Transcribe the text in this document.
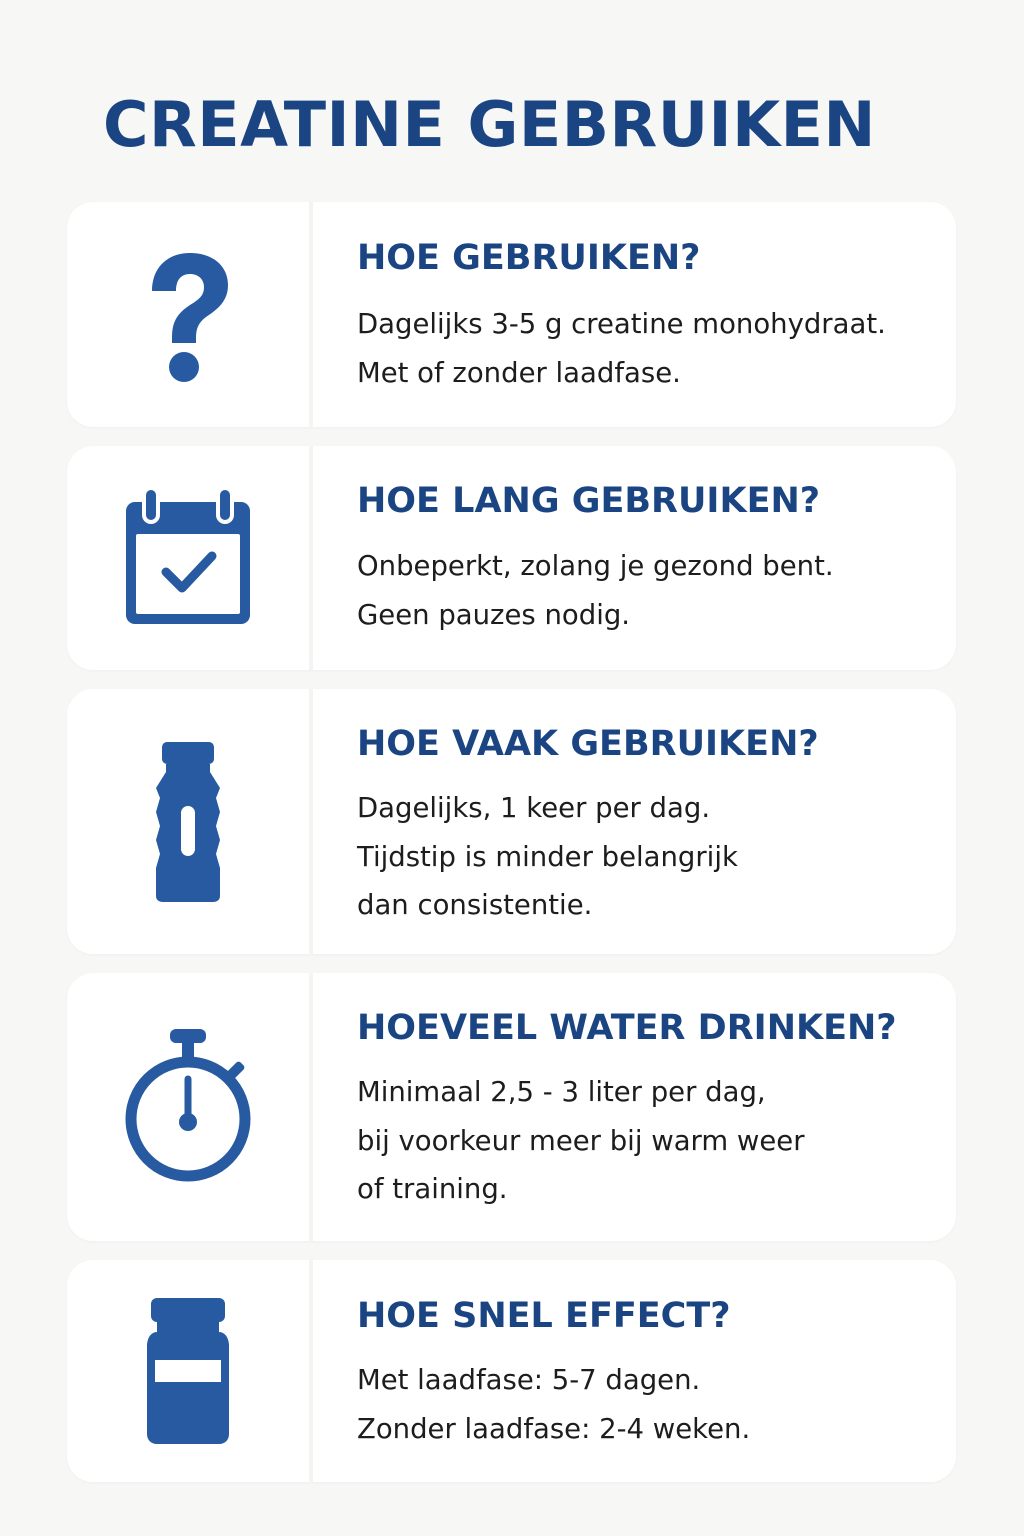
CREATINE GEBRUIKEN
HOE GEBRUIKEN?

Dagelijks 3-5 g creatine monohydraat.
Met of zonder laadfase.

HOE LANG GEBRUIKEN?

Onbeperkt, zolang je gezond bent.
Geen pauzes nodig.

HOE VAAK GEBRUIKEN?

Dagelijks, 1 keer per dag.
Tijdstip is minder belangrijk
dan consistentie.

HOEVEEL WATER DRINKEN?

Minimaal 2,5 - 3 liter per dag,
bij voorkeur meer bij warm weer
of training.

HOE SNEL EFFECT?

Met laadfase: 5-7 dagen.
Zonder laadfase: 2-4 weken.
